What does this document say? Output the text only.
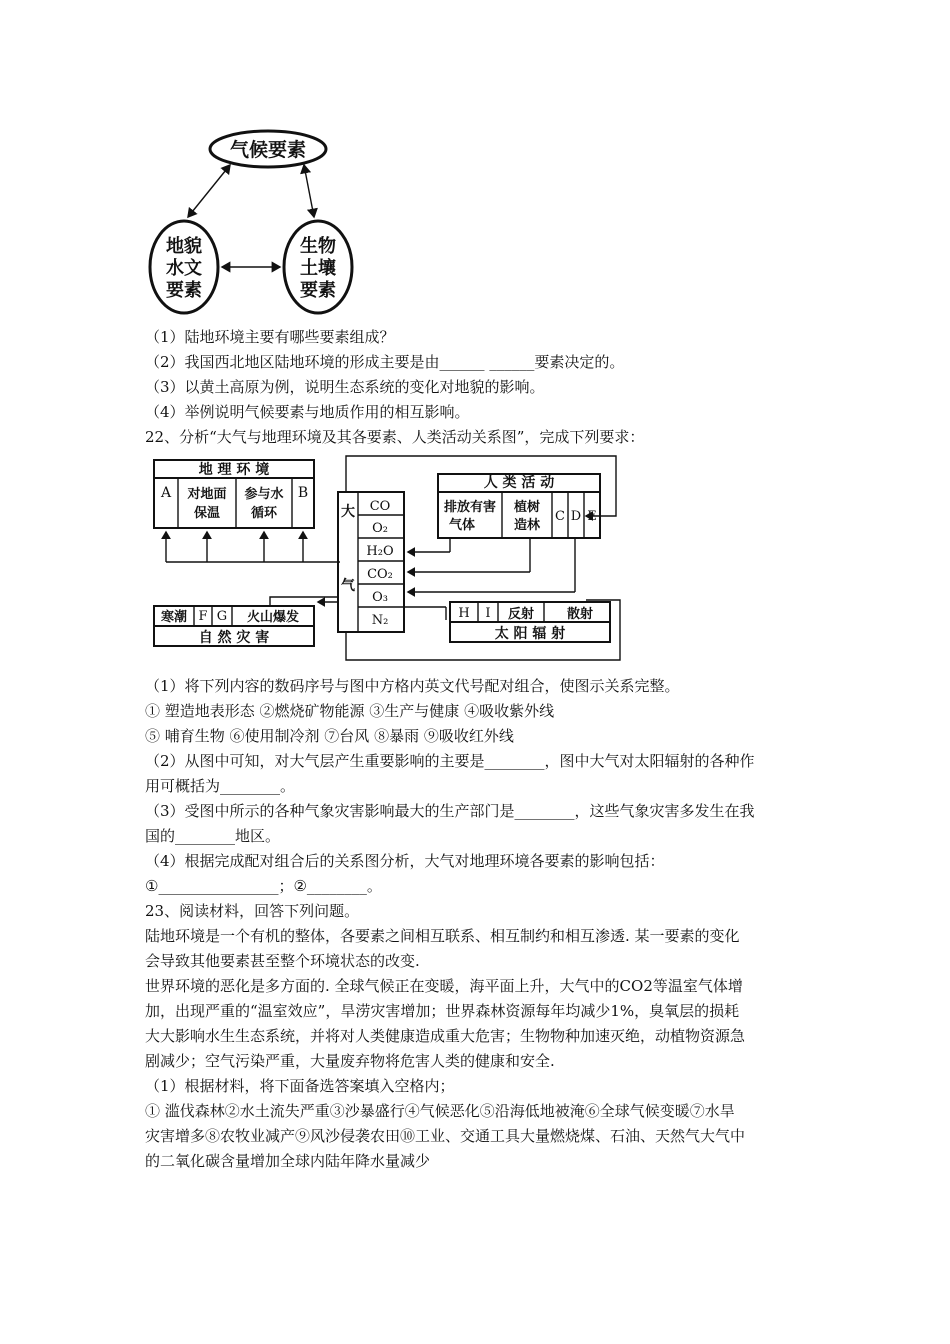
气候要素
地貌
水文
要素
生物
土壤
要素
（1）陆地环境主要有哪些要素组成？
（2）我国西北地区陆地环境的形成主要是由______ ______要素决定的。
（3）以黄土高原为例，说明生态系统的变化对地貌的影响。
（4）举例说明气候要素与地质作用的相互影响。
22、分析“大气与地理环境及其各要素、人类活动关系图”，完成下列要求：
地 理 环 境
A 对地面
保温
参与水
循环
B
大
气
CO
O₂
H₂O
CO₂
O₃
N₂
人 类 活 动
排放有害
气体
植树
造林
C D E
寒潮 F G 火山爆发
自 然 灾 害
H I 反射	散射
太 阳 辐 射
（1）将下列内容的数码序号与图中方格内英文代号配对组合，使图示关系完整。
① 塑造地表形态 ②燃烧矿物能源 ③生产与健康 ④吸收紫外线
⑤ 哺育生物 ⑥使用制冷剂 ⑦台风 ⑧暴雨 ⑨吸收红外线
（2）从图中可知，对大气层产生重要影响的主要是________，图中大气对太阳辐射的各种作
用可概括为________。
（3）受图中所示的各种气象灾害影响最大的生产部门是________，这些气象灾害多发生在我
国的________地区。
（4）根据完成配对组合后的关系图分析，大气对地理环境各要素的影响包括：
①________________；②________。
23、阅读材料，回答下列问题。
陆地环境是一个有机的整体，各要素之间相互联系、相互制约和相互渗透. 某一要素的变化
会导致其他要素甚至整个环境状态的改变.
世界环境的恶化是多方面的. 全球气候正在变暖，海平面上升，大气中的CO2等温室气体增
加，出现严重的“温室效应”，旱涝灾害增加；世界森林资源每年均减少1%，臭氧层的损耗
大大影响水生生态系统，并将对人类健康造成重大危害；生物物种加速灭绝，动植物资源急
剧减少；空气污染严重，大量废弃物将危害人类的健康和安全.
（1）根据材料，将下面备选答案填入空格内；
① 滥伐森林②水土流失严重③沙暴盛行④气候恶化⑤沿海低地被淹⑥全球气候变暖⑦水旱
灾害增多⑧农牧业减产⑨风沙侵袭农田⑩工业、交通工具大量燃烧煤、石油、天然气大气中
的二氧化碳含量增加全球内陆年降水量减少
